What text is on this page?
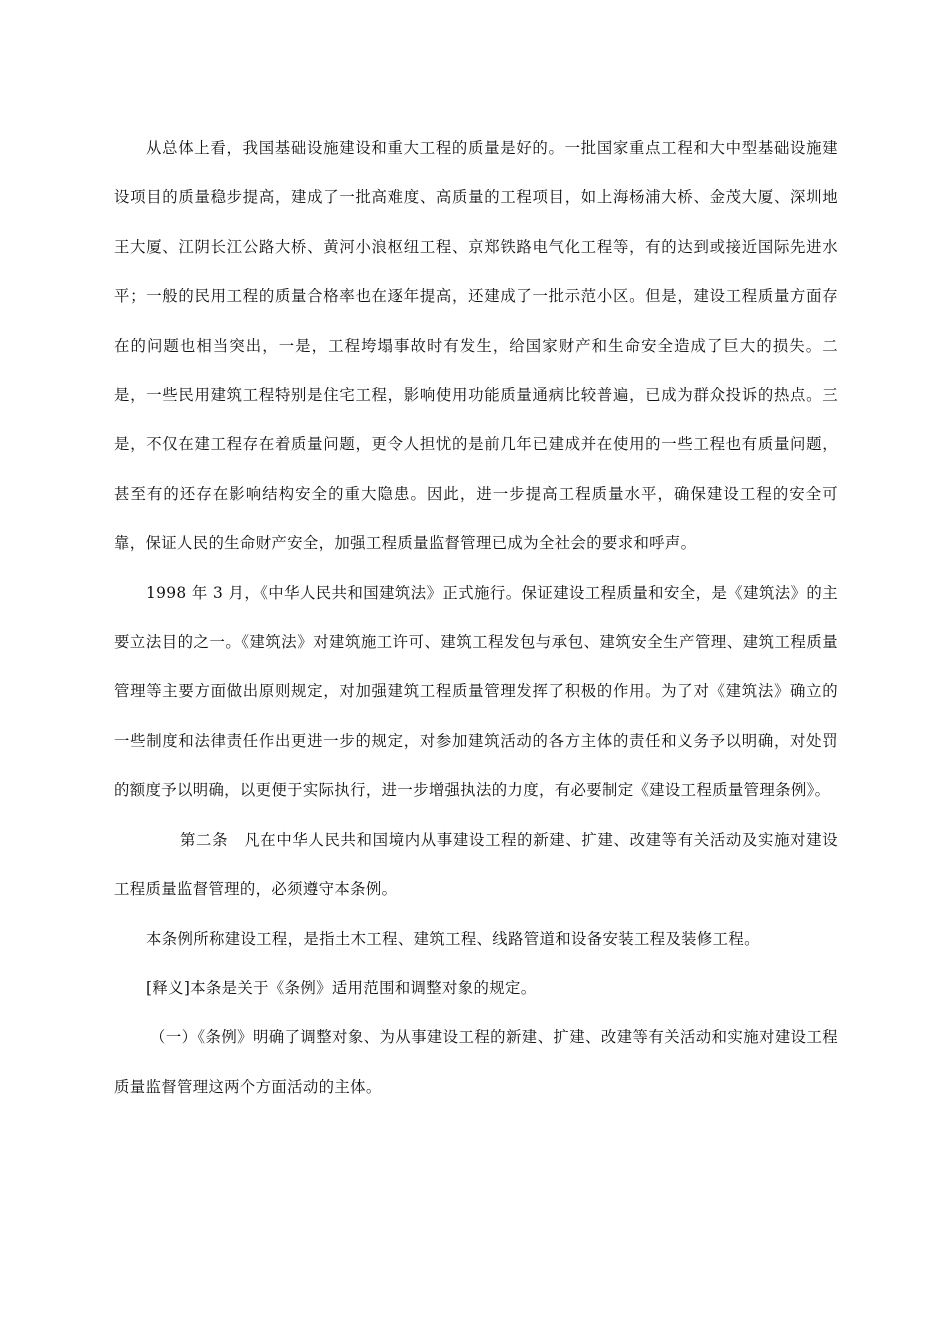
从总体上看，我国基础设施建设和重大工程的质量是好的。一批国家重点工程和大中型基础设施建设项目的质量稳步提高，建成了一批高难度、高质量的工程项目，如上海杨浦大桥、金茂大厦、深圳地王大厦、江阴长江公路大桥、黄河小浪枢纽工程、京郑铁路电气化工程等，有的达到或接近国际先进水平；一般的民用工程的质量合格率也在逐年提高，还建成了一批示范小区。但是，建设工程质量方面存在的问题也相当突出，一是，工程垮塌事故时有发生，给国家财产和生命安全造成了巨大的损失。二是，一些民用建筑工程特别是住宅工程，影响使用功能质量通病比较普遍，已成为群众投诉的热点。三是，不仅在建工程存在着质量问题，更令人担忧的是前几年已建成并在使用的一些工程也有质量问题，甚至有的还存在影响结构安全的重大隐患。因此，进一步提高工程质量水平，确保建设工程的安全可靠，保证人民的生命财产安全，加强工程质量监督管理已成为全社会的要求和呼声。

1998 年 3 月，《中华人民共和国建筑法》正式施行。保证建设工程质量和安全，是《建筑法》的主要立法目的之一。《建筑法》对建筑施工许可、建筑工程发包与承包、建筑安全生产管理、建筑工程质量管理等主要方面做出原则规定，对加强建筑工程质量管理发挥了积极的作用。为了对《建筑法》确立的一些制度和法律责任作出更进一步的规定，对参加建筑活动的各方主体的责任和义务予以明确，对处罚的额度予以明确，以更便于实际执行，进一步增强执法的力度，有必要制定《建设工程质量管理条例》。

第二条　凡在中华人民共和国境内从事建设工程的新建、扩建、改建等有关活动及实施对建设工程质量监督管理的，必须遵守本条例。

本条例所称建设工程，是指土木工程、建筑工程、线路管道和设备安装工程及装修工程。

[释义]本条是关于《条例》适用范围和调整对象的规定。

（一）《条例》明确了调整对象、为从事建设工程的新建、扩建、改建等有关活动和实施对建设工程质量监督管理这两个方面活动的主体。
